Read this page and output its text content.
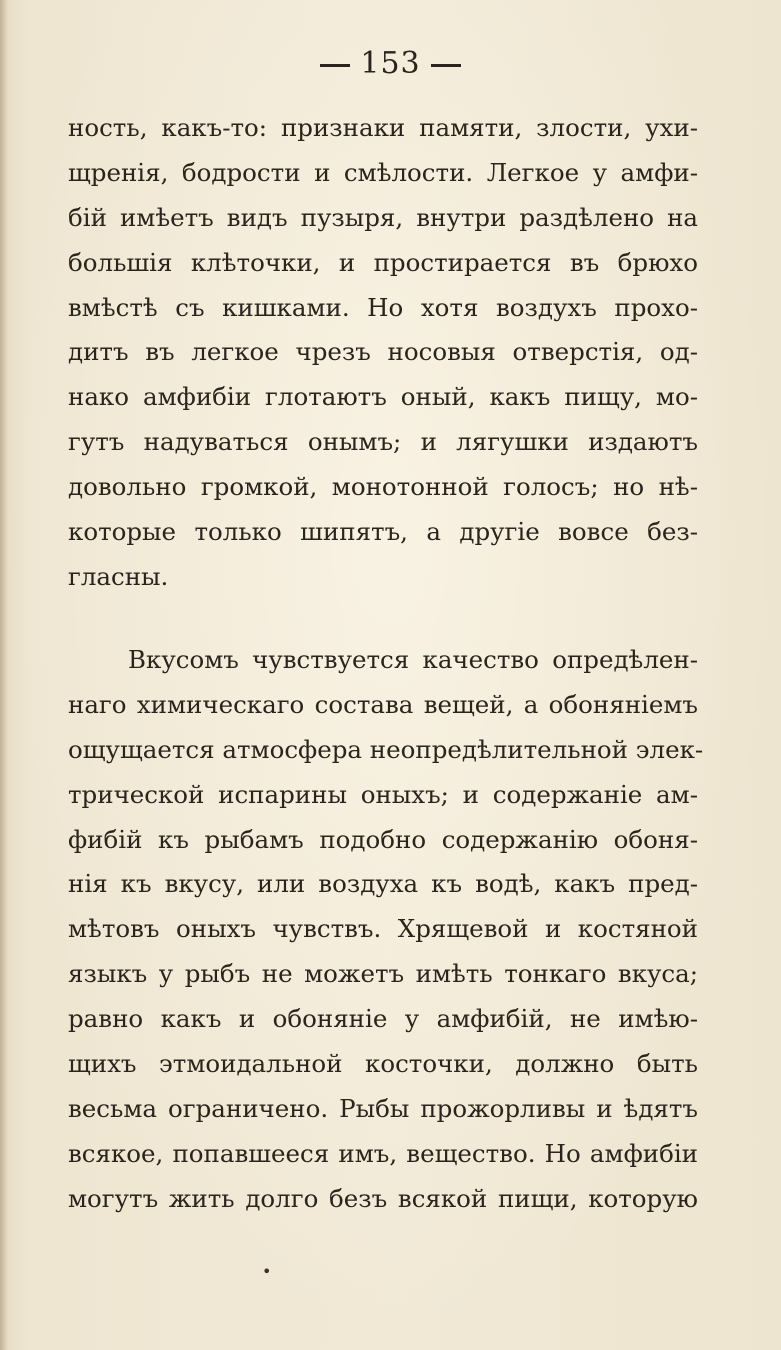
153
ность, какъ-то: признаки памяти, злости, ухи-
щренія, бодрости и смѣлости. Легкое у амфи-
бій имѣетъ видъ пузыря, внутри раздѣлено на
большія клѣточки, и простирается въ брюхо
вмѣстѣ съ кишками. Но хотя воздухъ прохо-
дитъ въ легкое чрезъ носовыя отверстія, од-
нако амфибіи глотаютъ оный, какъ пищу, мо-
гутъ надуваться онымъ; и лягушки издаютъ
довольно громкой, монотонной голосъ; но нѣ-
которые только шипятъ, а другіе вовсе без-
гласны.
Вкусомъ чувствуется качество опредѣлен-
наго химическаго состава вещей, а обоняніемъ
ощущается атмосфера неопредѣлительной элек-
трической испарины оныхъ; и содержаніе ам-
фибій къ рыбамъ подобно содержанію обоня-
нія къ вкусу, или воздуха къ водѣ, какъ пред-
мѣтовъ оныхъ чувствъ. Хрящевой и костяной
языкъ у рыбъ не можетъ имѣть тонкаго вкуса;
равно какъ и обоняніе у амфибій, не имѣю-
щихъ этмоидальной косточки, должно быть
весьма ограничено. Рыбы прожорливы и ѣдятъ
всякое, попавшееся имъ, вещество. Но амфибіи
могутъ жить долго безъ всякой пищи, которую
•
